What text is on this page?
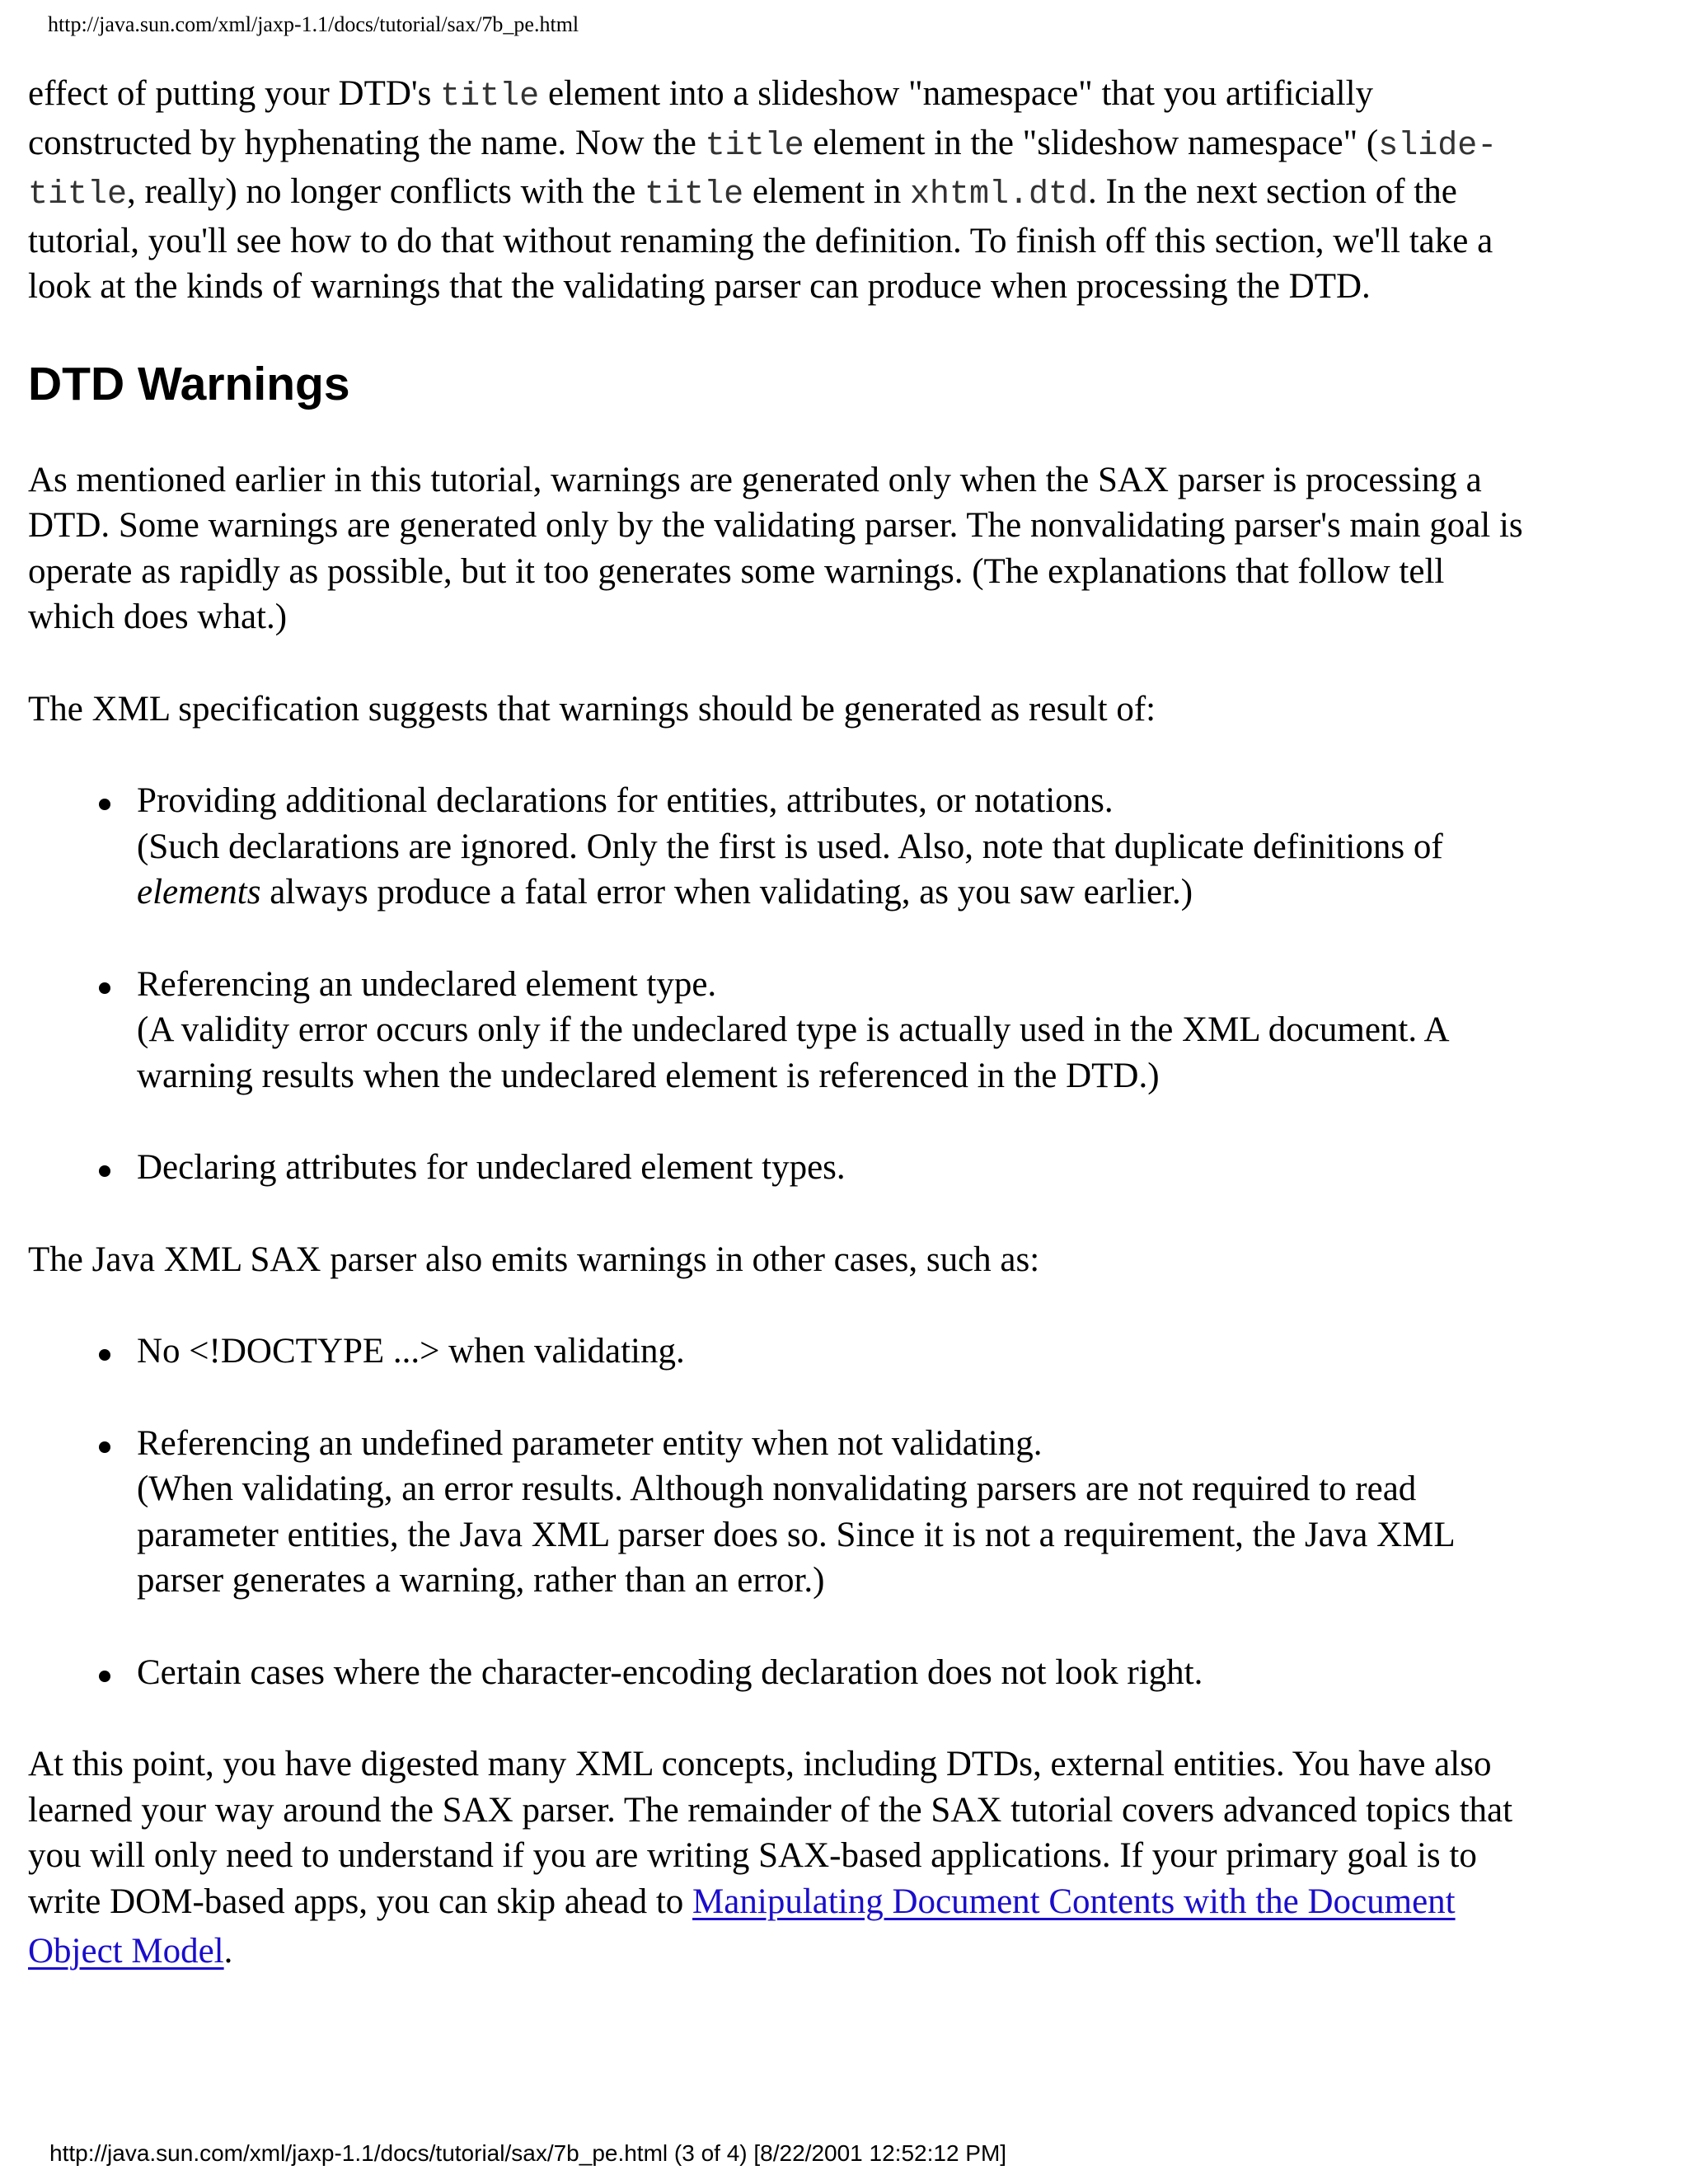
http://java.sun.com/xml/jaxp-1.1/docs/tutorial/sax/7b_pe.html

effect of putting your DTD's title element into a slideshow "namespace" that you artificially
constructed by hyphenating the name. Now the title element in the "slideshow namespace" (slide-
title, really) no longer conflicts with the title element in xhtml.dtd. In the next section of the
tutorial, you'll see how to do that without renaming the definition. To finish off this section, we'll take a
look at the kinds of warnings that the validating parser can produce when processing the DTD.

DTD Warnings

As mentioned earlier in this tutorial, warnings are generated only when the SAX parser is processing a
DTD. Some warnings are generated only by the validating parser. The nonvalidating parser's main goal is
operate as rapidly as possible, but it too generates some warnings. (The explanations that follow tell
which does what.)

The XML specification suggests that warnings should be generated as result of:

Providing additional declarations for entities, attributes, or notations.
(Such declarations are ignored. Only the first is used. Also, note that duplicate definitions of
elements always produce a fatal error when validating, as you saw earlier.)
Referencing an undeclared element type.
(A validity error occurs only if the undeclared type is actually used in the XML document. A
warning results when the undeclared element is referenced in the DTD.)
Declaring attributes for undeclared element types.

The Java XML SAX parser also emits warnings in other cases, such as:

No <!DOCTYPE ...> when validating.
Referencing an undefined parameter entity when not validating.
(When validating, an error results. Although nonvalidating parsers are not required to read
parameter entities, the Java XML parser does so. Since it is not a requirement, the Java XML
parser generates a warning, rather than an error.)
Certain cases where the character-encoding declaration does not look right.

At this point, you have digested many XML concepts, including DTDs, external entities. You have also
learned your way around the SAX parser. The remainder of the SAX tutorial covers advanced topics that
you will only need to understand if you are writing SAX-based applications. If your primary goal is to
write DOM-based apps, you can skip ahead to Manipulating Document Contents with the Document
Object Model.

http://java.sun.com/xml/jaxp-1.1/docs/tutorial/sax/7b_pe.html (3 of 4) [8/22/2001 12:52:12 PM]
